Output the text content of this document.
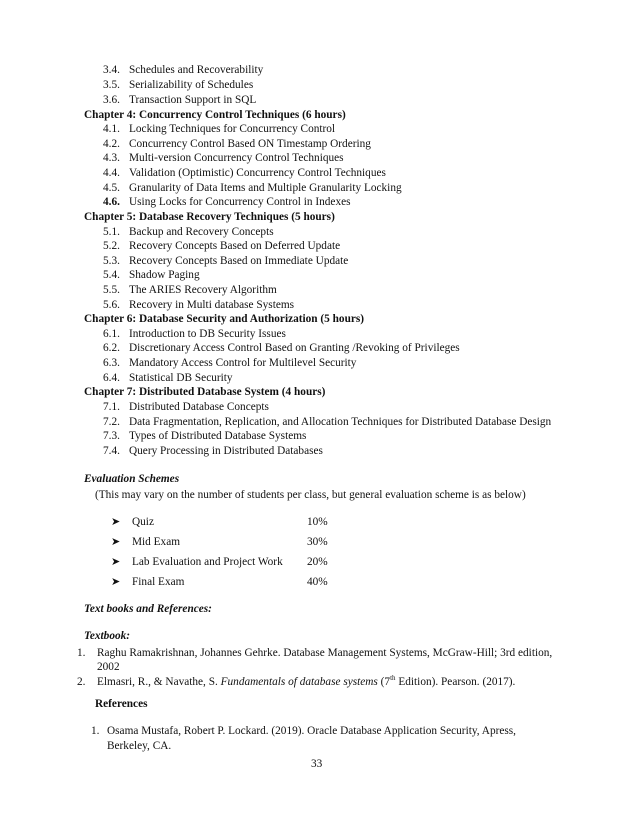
3.4. Schedules and Recoverability
3.5. Serializability of Schedules
3.6. Transaction Support in SQL
Chapter 4: Concurrency Control Techniques (6 hours)
4.1. Locking Techniques for Concurrency Control
4.2. Concurrency Control Based ON Timestamp Ordering
4.3. Multi-version Concurrency Control Techniques
4.4. Validation (Optimistic) Concurrency Control Techniques
4.5. Granularity of Data Items and Multiple Granularity Locking
4.6. Using Locks for Concurrency Control in Indexes
Chapter 5: Database Recovery Techniques (5 hours)
5.1. Backup and Recovery Concepts
5.2. Recovery Concepts Based on Deferred Update
5.3. Recovery Concepts Based on Immediate Update
5.4. Shadow Paging
5.5. The ARIES Recovery Algorithm
5.6. Recovery in Multi database Systems
Chapter 6: Database Security and Authorization (5 hours)
6.1. Introduction to DB Security Issues
6.2. Discretionary Access Control Based on Granting /Revoking of Privileges
6.3. Mandatory Access Control for Multilevel Security
6.4. Statistical DB Security
Chapter 7: Distributed Database System (4 hours)
7.1. Distributed Database Concepts
7.2. Data Fragmentation, Replication, and Allocation Techniques for Distributed Database Design
7.3. Types of Distributed Database Systems
7.4. Query Processing in Distributed Databases
Evaluation Schemes
(This may vary on the number of students per class, but general evaluation scheme is as below)
➤ Quiz	10%
➤ Mid Exam	30%
➤ Lab Evaluation and Project Work 20%
➤ Final Exam	40%
Text books and References:
Textbook:
1. Raghu Ramakrishnan, Johannes Gehrke. Database Management Systems, McGraw-Hill; 3rd edition,
2002
2. Elmasri, R., & Navathe, S. Fundamentals of database systems (7th Edition). Pearson. (2017).
References
1. Osama Mustafa, Robert P. Lockard. (2019). Oracle Database Application Security, Apress,
Berkeley, CA.
33
